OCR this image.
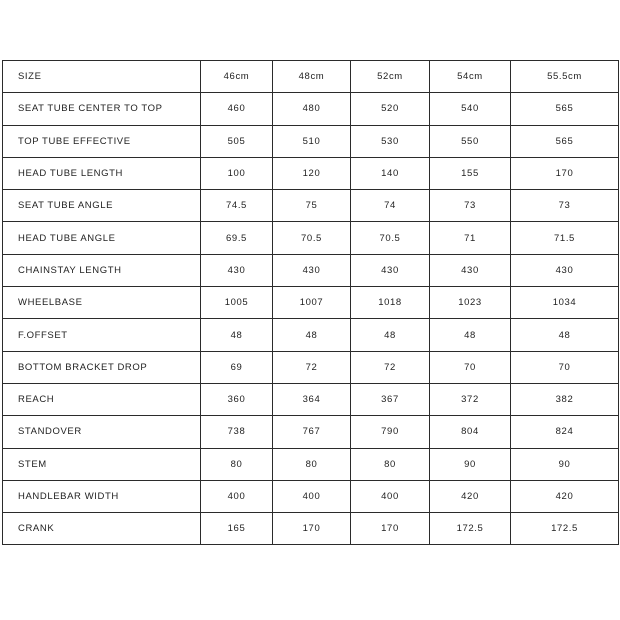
SIZE	46cm	48cm	52cm	54cm	55.5cm
SEAT TUBE CENTER TO TOP	460	480	520	540	565
TOP TUBE EFFECTIVE	505	510	530	550	565
HEAD TUBE LENGTH	100	120	140	155	170
SEAT TUBE ANGLE	74.5	75	74	73	73
HEAD TUBE ANGLE	69.5	70.5	70.5	71	71.5
CHAINSTAY LENGTH	430	430	430	430	430
WHEELBASE	1005	1007	1018	1023	1034
F.OFFSET	48	48	48	48	48
BOTTOM BRACKET DROP	69	72	72	70	70
REACH	360	364	367	372	382
STANDOVER	738	767	790	804	824
STEM	80	80	80	90	90
HANDLEBAR WIDTH	400	400	400	420	420
CRANK	165	170	170	172.5	172.5
